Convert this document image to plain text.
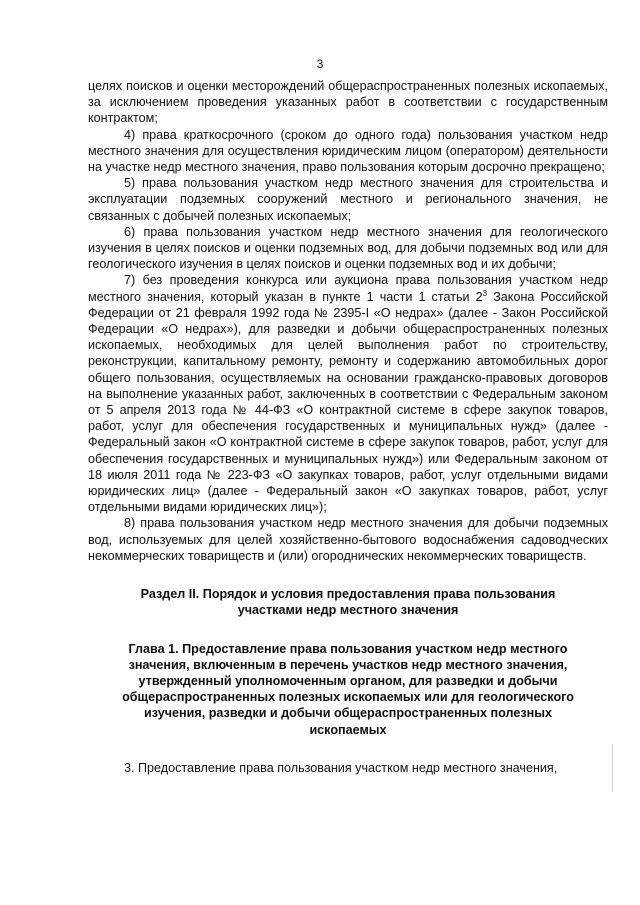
3

целях поисков и оценки месторождений общераспространенных полезных ископаемых, за исключением проведения указанных работ в соответствии с государственным контрактом;

4) права краткосрочного (сроком до одного года) пользования участком недр местного значения для осуществления юридическим лицом (оператором) деятельности на участке недр местного значения, право пользования которым досрочно прекращено;

5) права пользования участком недр местного значения для строительства и эксплуатации подземных сооружений местного и регионального значения, не связанных с добычей полезных ископаемых;

6) права пользования участком недр местного значения для геологического изучения в целях поисков и оценки подземных вод, для добычи подземных вод или для геологического изучения в целях поисков и оценки подземных вод и их добычи;

7) без проведения конкурса или аукциона права пользования участком недр местного значения, который указан в пункте 1 части 1 статьи $2^3$ Закона Российской Федерации от 21 февраля 1992 года № 2395-I «О недрах» (далее - Закон Российской Федерации «О недрах»), для разведки и добычи общераспространенных полезных ископаемых, необходимых для целей выполнения работ по строительству, реконструкции, капитальному ремонту, ремонту и содержанию автомобильных дорог общего пользования, осуществляемых на основании гражданско-правовых договоров на выполнение указанных работ, заключенных в соответствии с Федеральным законом от 5 апреля 2013 года № 44-ФЗ «О контрактной системе в сфере закупок товаров, работ, услуг для обеспечения государственных и муниципальных нужд» (далее - Федеральный закон «О контрактной системе в сфере закупок товаров, работ, услуг для обеспечения государственных и муниципальных нужд») или Федеральным законом от 18 июля 2011 года № 223-ФЗ «О закупках товаров, работ, услуг отдельными видами юридических лиц» (далее - Федеральный закон «О закупках товаров, работ, услуг отдельными видами юридических лиц»);

8) права пользования участком недр местного значения для добычи подземных вод, используемых для целей хозяйственно-бытового водоснабжения садоводческих некоммерческих товариществ и (или) огороднических некоммерческих товариществ.

Раздел II. Порядок и условия предоставления права пользования участками недр местного значения

Глава 1. Предоставление права пользования участком недр местного значения, включенным в перечень участков недр местного значения, утвержденный уполномоченным органом, для разведки и добычи общераспространенных полезных ископаемых или для геологического изучения, разведки и добычи общераспространенных полезных ископаемых

3. Предоставление права пользования участком недр местного значения,
